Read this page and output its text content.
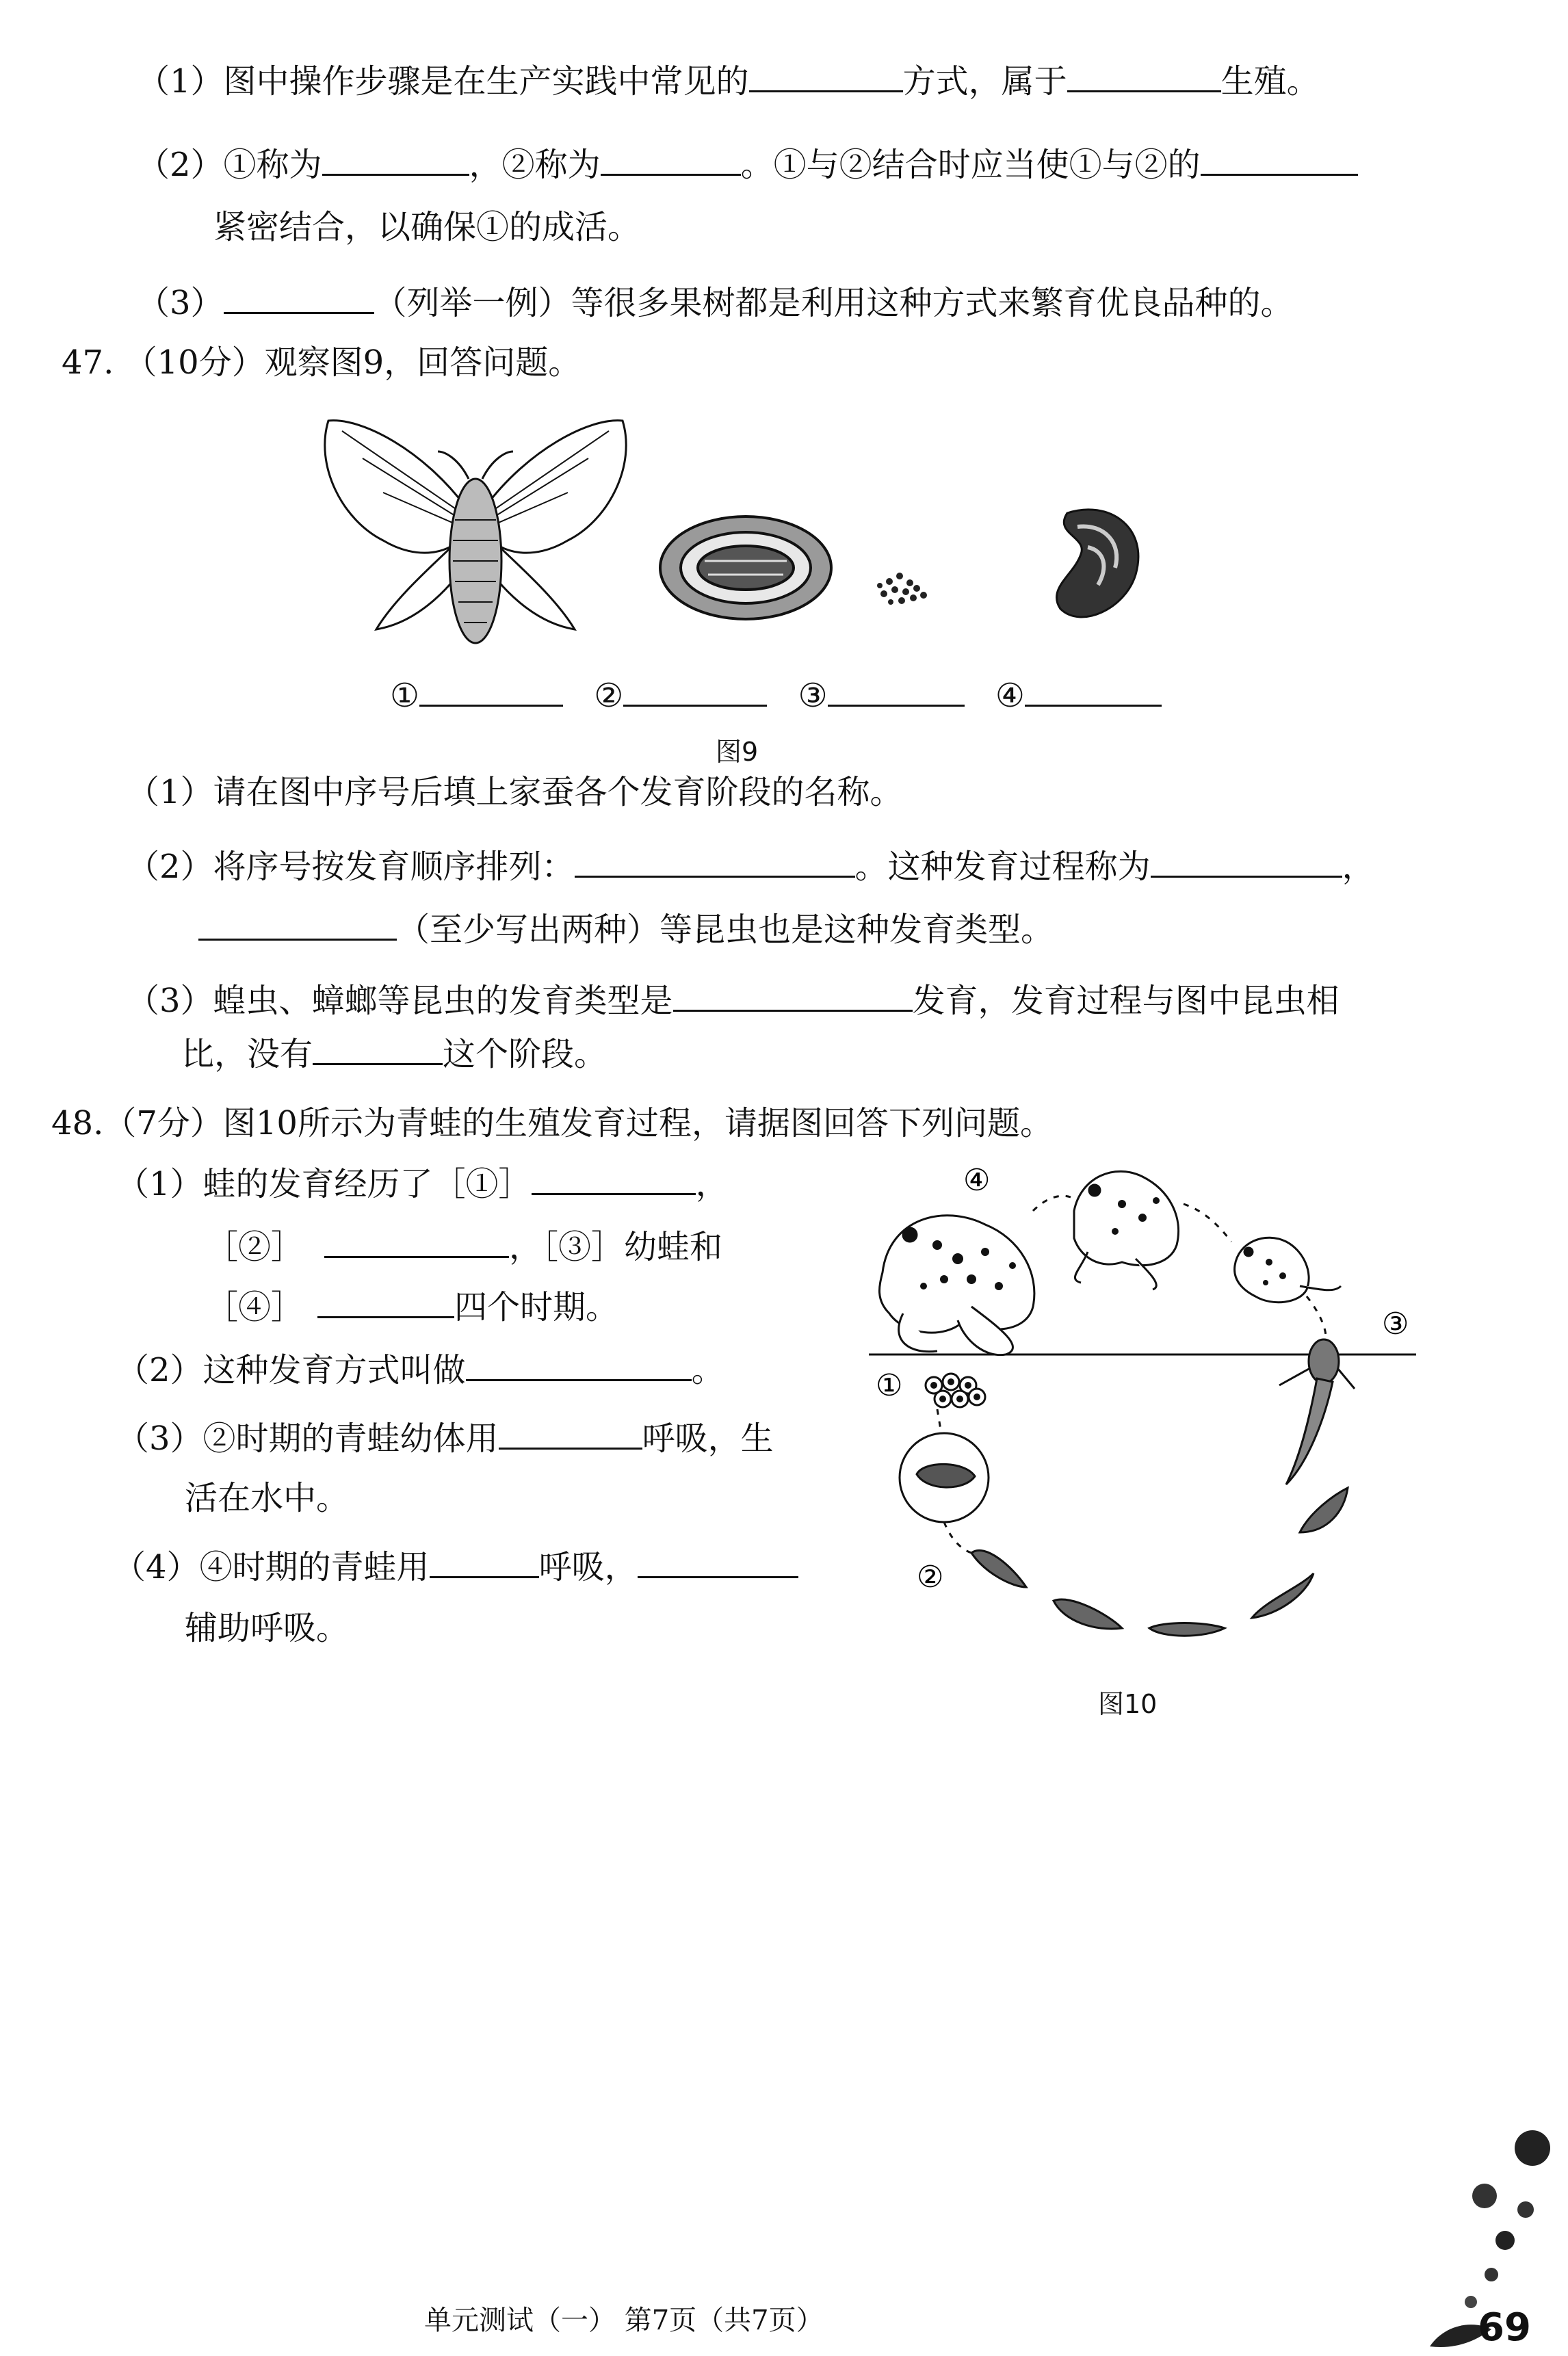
（1）图中操作步骤是在生产实践中常见的	方式，属于	生殖。
（2）①称为	，②称为	。①与②结合时应当使①与②的
紧密结合，以确保①的成活。
（3）	（列举一例）等很多果树都是利用这种方式来繁育优良品种的。
47. （10分）观察图9，回答问题。
①	②	③	④
图9
（1）请在图中序号后填上家蚕各个发育阶段的名称。
（2）将序号按发育顺序排列：	。这种发育过程称为	，
（至少写出两种）等昆虫也是这种发育类型。
（3）蝗虫、蟑螂等昆虫的发育类型是	发育，发育过程与图中昆虫相
比，没有	这个阶段。
48.（7分）图10所示为青蛙的生殖发育过程，请据图回答下列问题。
（1）蛙的发育经历了［①］	，
［②］	，［③］幼蛙和
［④］	四个时期。
（2）这种发育方式叫做	。
（3）②时期的青蛙幼体用	呼吸，生
活在水中。
（4）④时期的青蛙用	呼吸，
辅助呼吸。
④
③
①
②
图10
单元测试（一） 第7页（共7页）	69
